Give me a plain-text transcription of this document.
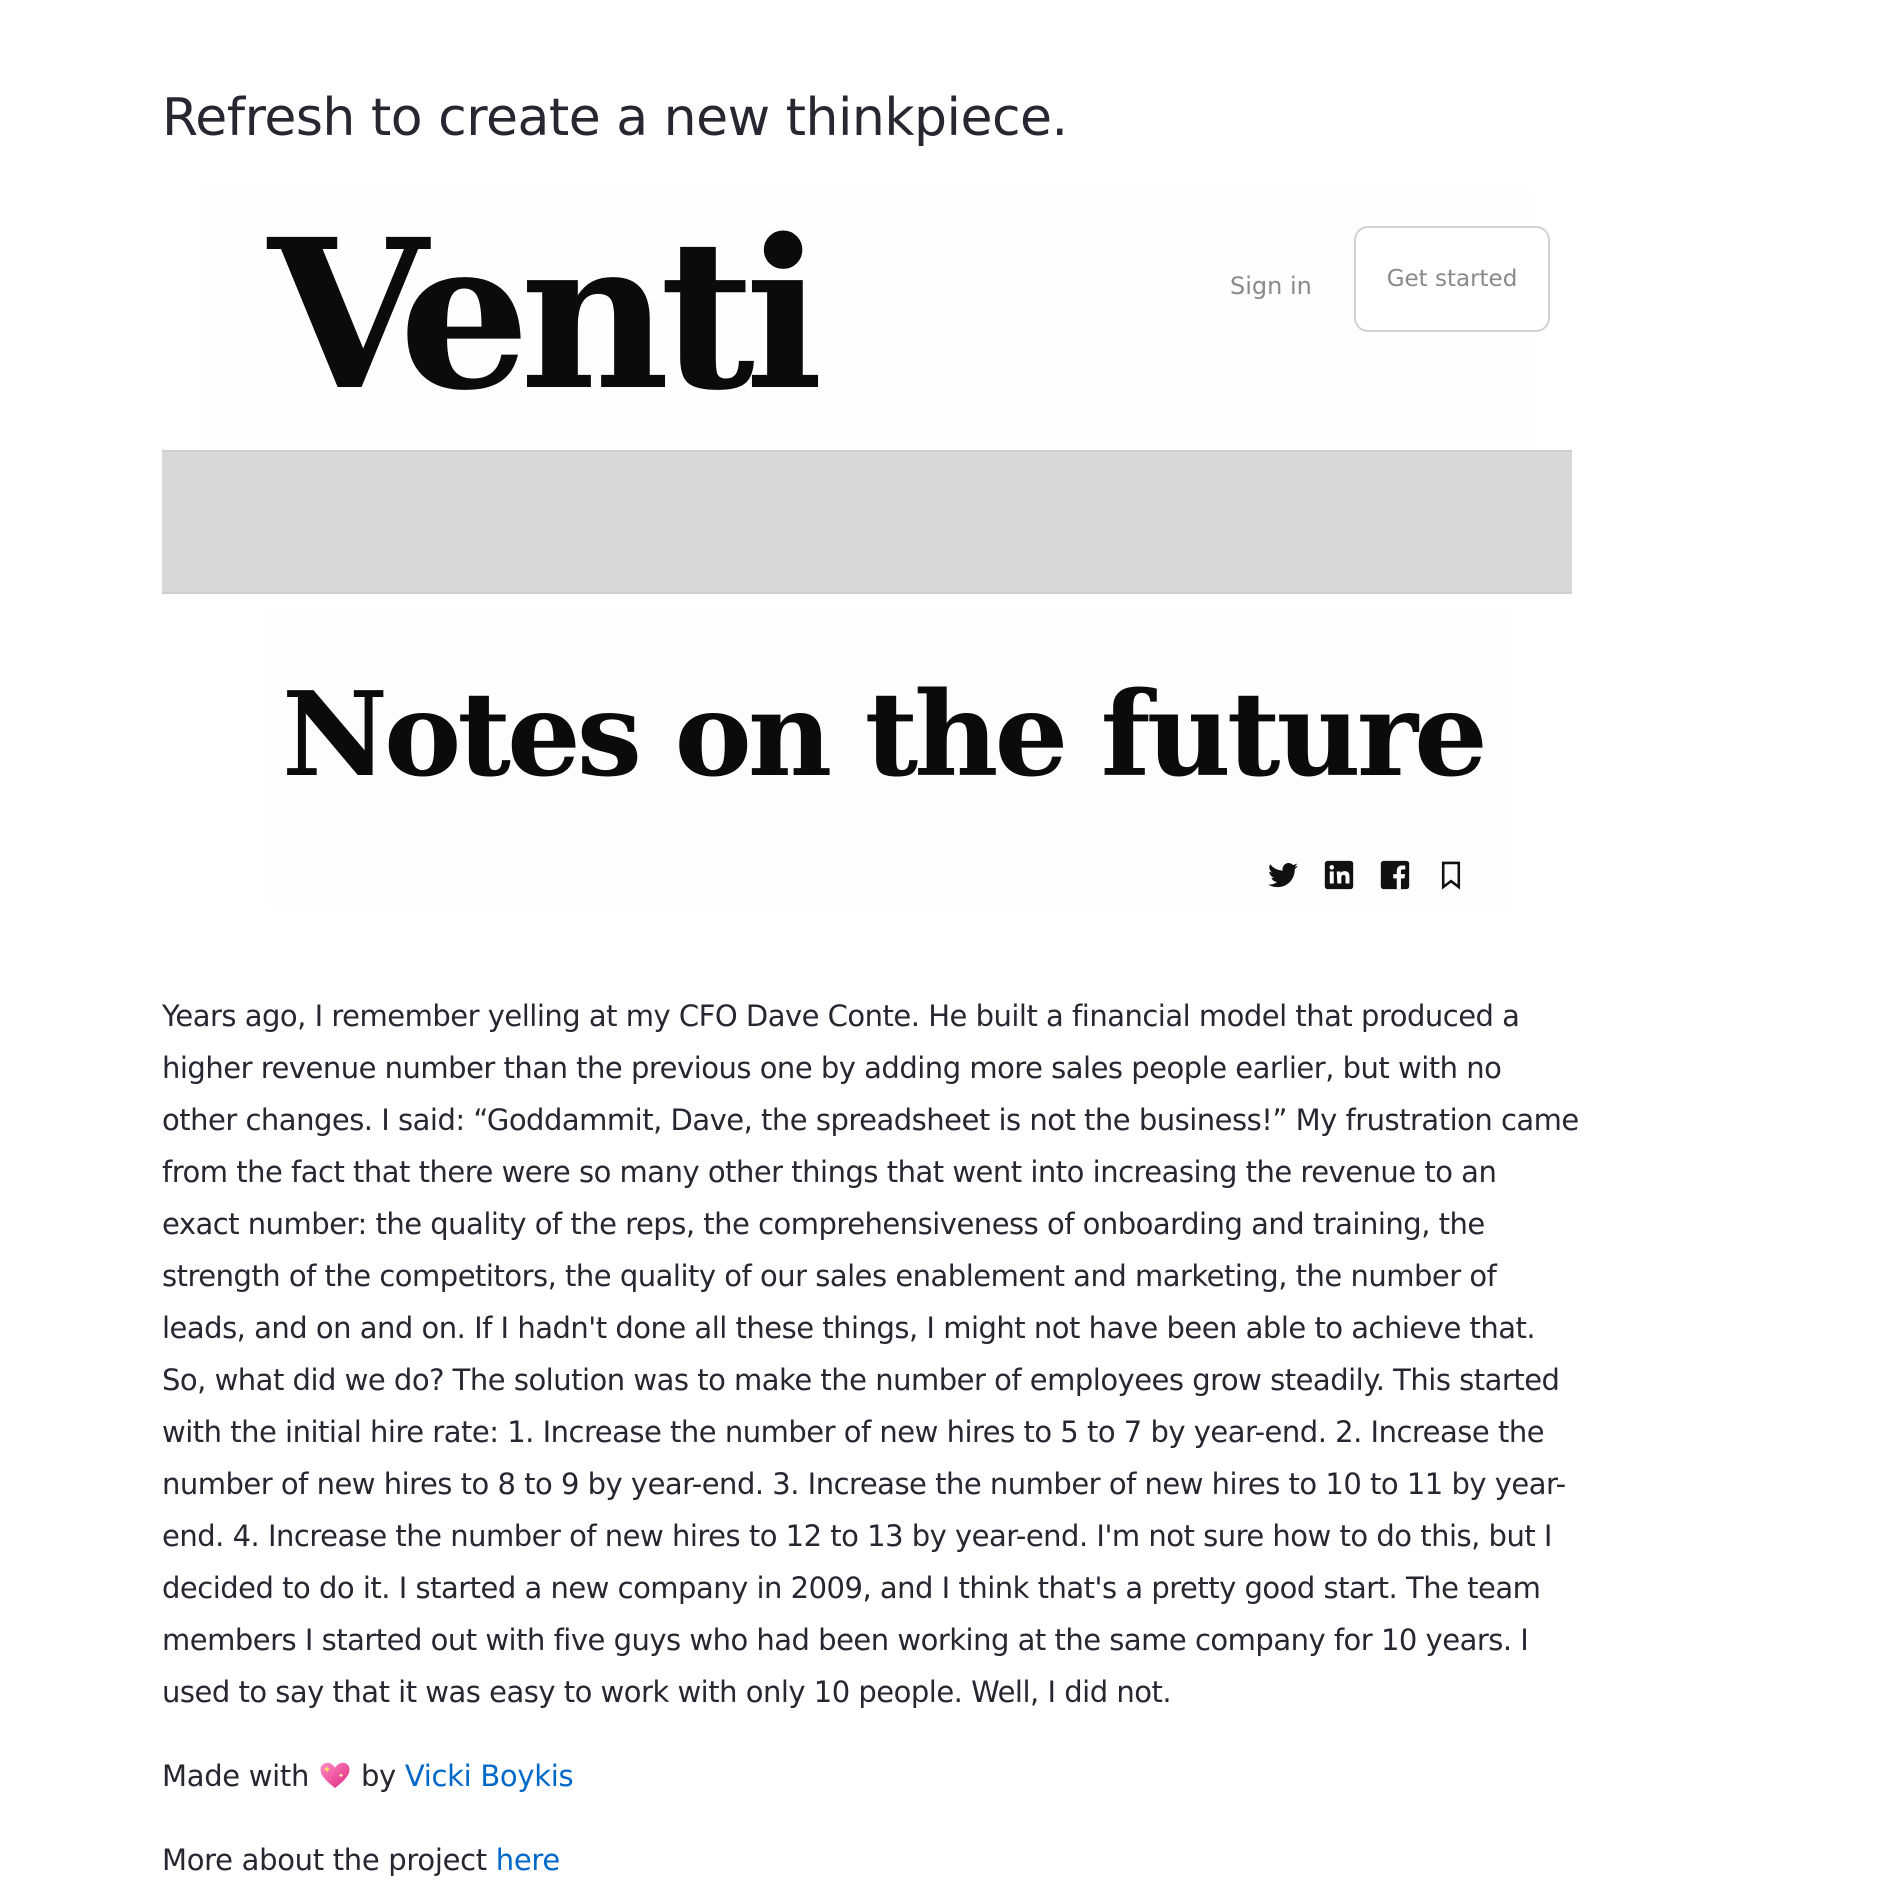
Refresh to create a new thinkpiece.
Venti	Sign in	Get started
Notes on the future

Years ago, I remember yelling at my CFO Dave Conte. He built a financial model that produced a higher revenue number than the previous one by adding more sales people earlier, but with no other changes. I said: “Goddammit, Dave, the spreadsheet is not the business!” My frustration came from the fact that there were so many other things that went into increasing the revenue to an exact number: the quality of the reps, the comprehensiveness of onboarding and training, the strength of the competitors, the quality of our sales enablement and marketing, the number of leads, and on and on. If I hadn't done all these things, I might not have been able to achieve that. So, what did we do? The solution was to make the number of employees grow steadily. This started with the initial hire rate: 1. Increase the number of new hires to 5 to 7 by year-end. 2. Increase the number of new hires to 8 to 9 by year-end. 3. Increase the number of new hires to 10 to 11 by year-end. 4. Increase the number of new hires to 12 to 13 by year-end. I'm not sure how to do this, but I decided to do it. I started a new company in 2009, and I think that's a pretty good start. The team members I started out with five guys who had been working at the same company for 10 years. I used to say that it was easy to work with only 10 people. Well, I did not.

Made with by Vicki Boykis

More about the project here
